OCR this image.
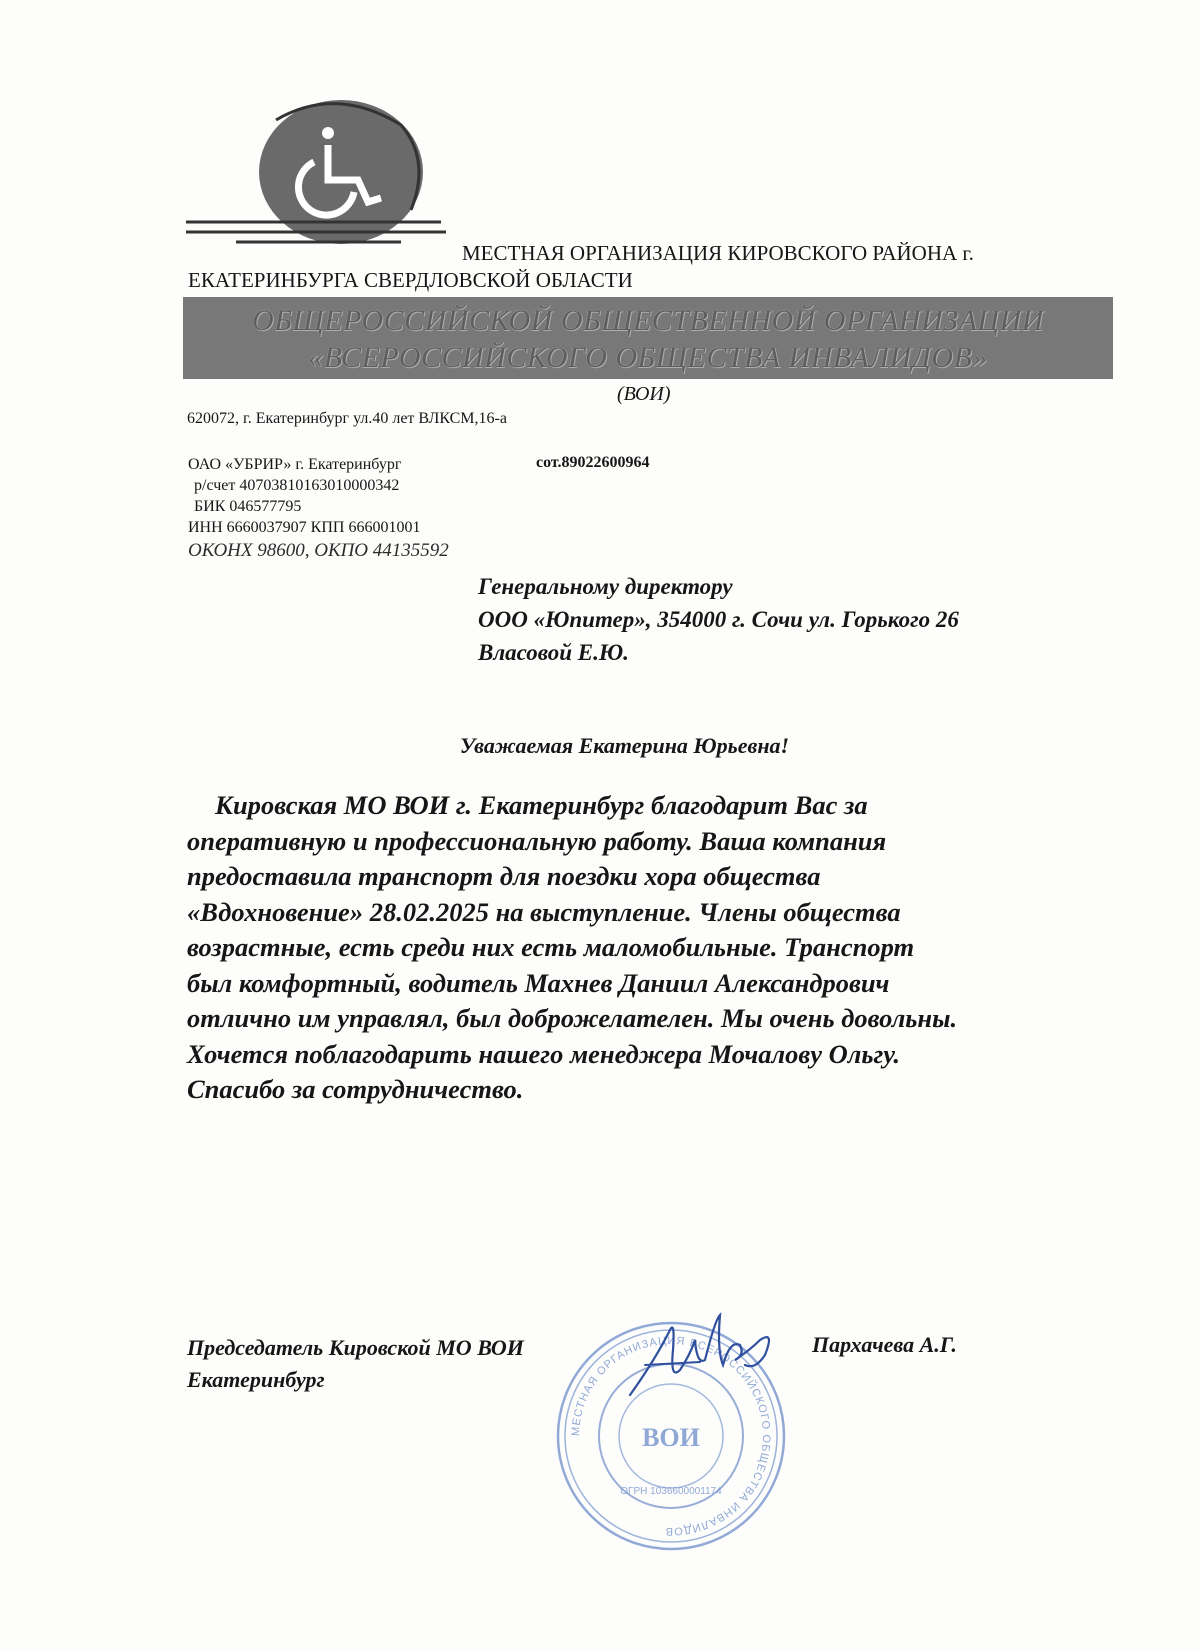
МЕСТНАЯ ОРГАНИЗАЦИЯ КИРОВСКОГО РАЙОНА г.
ЕКАТЕРИНБУРГА СВЕРДЛОВСКОЙ ОБЛАСТИ
ОБЩЕРОССИЙСКОЙ ОБЩЕСТВЕННОЙ ОРГАНИЗАЦИИ
«ВСЕРОССИЙСКОГО ОБЩЕСТВА ИНВАЛИДОВ»
(ВОИ)
620072, г. Екатеринбург ул.40 лет ВЛКСМ,16-а
ОАО «УБРИР» г. Екатеринбург
р/счет 40703810163010000342
БИК 046577795
ИНН 6660037907 КПП 666001001
ОКОНХ 98600, ОКПО 44135592
сот.89022600964
Генеральному директору
ООО «Юпитер», 354000 г. Сочи ул. Горького 26
Власовой Е.Ю.
Уважаемая Екатерина Юрьевна!
Кировская МО ВОИ г. Екатеринбург благодарит Вас за
оперативную и профессиональную работу. Ваша компания
предоставила транспорт для поездки хора общества
«Вдохновение» 28.02.2025 на выступление. Члены общества
возрастные, есть среди них есть маломобильные. Транспорт
был комфортный, водитель Махнев Даниил Александрович
отлично им управлял, был доброжелателен. Мы очень довольны.
Хочется поблагодарить нашего менеджера Мочалову Ольгу.
Спасибо за сотрудничество.
МЕСТНАЯ ОРГАНИЗАЦИЯ ВСЕРОССИЙСКОГО ОБЩЕСТВА ИНВАЛИДОВ
ВОИ
ОГРН 1036600001174
Председатель Кировской МО ВОИ
Екатеринбург
Пархачева А.Г.
